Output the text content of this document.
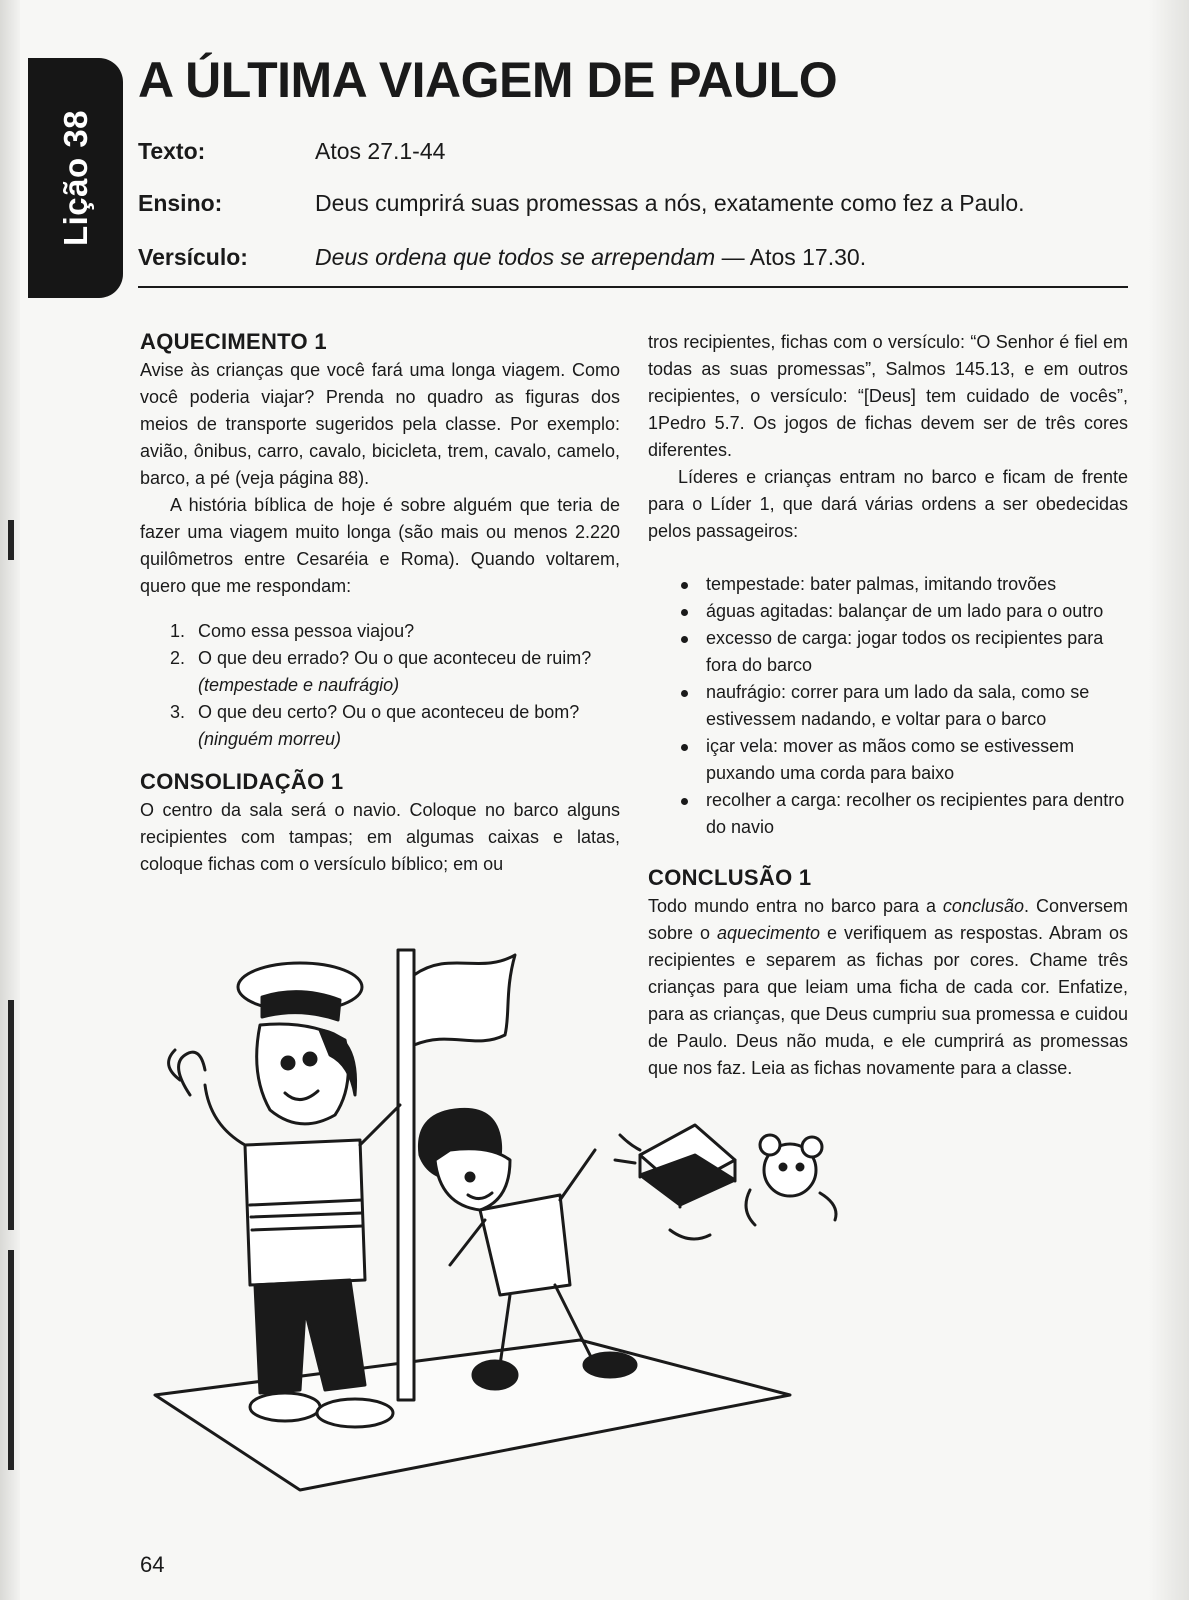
Lição 38
A ÚLTIMA VIAGEM DE PAULO
Texto:	Atos 27.1-44
Ensino:	Deus cumprirá suas promessas a nós, exatamente como fez a Paulo.
Versículo:	Deus ordena que todos se arrependam — Atos 17.30.
AQUECIMENTO 1

Avise às crianças que você fará uma longa viagem. Como você poderia viajar? Prenda no quadro as figuras dos meios de transporte sugeridos pela classe. Por exemplo: avião, ônibus, carro, cavalo, bicicleta, trem, cavalo, camelo, barco, a pé (veja página 88).

A história bíblica de hoje é sobre alguém que teria de fazer uma viagem muito longa (são mais ou menos 2.220 quilômetros entre Cesaréia e Roma). Quando voltarem, quero que me respondam:

1. Como essa pessoa viajou?
2. O que deu errado? Ou o que aconteceu de ruim?
(tempestade e naufrágio)
3. O que deu certo? Ou o que aconteceu de bom?
(ninguém morreu)
CONSOLIDAÇÃO 1

O centro da sala será o navio. Coloque no barco alguns recipientes com tampas; em algumas caixas e latas, coloque fichas com o versículo bíblico; em ou

tros recipientes, fichas com o versículo: “O Senhor é fiel em todas as suas promessas”, Salmos 145.13, e em outros recipientes, o versículo: “[Deus] tem cuidado de vocês”, 1Pedro 5.7. Os jogos de fichas devem ser de três cores diferentes.

Líderes e crianças entram no barco e ficam de frente para o Líder 1, que dará várias ordens a ser obedecidas pelos passageiros:

tempestade: bater palmas, imitando trovões
águas agitadas: balançar de um lado para o outro
excesso de carga: jogar todos os recipientes para fora do barco
naufrágio: correr para um lado da sala, como se estivessem nadando, e voltar para o barco
içar vela: mover as mãos como se estivessem puxando uma corda para baixo
recolher a carga: recolher os recipientes para dentro do navio
CONCLUSÃO 1

Todo mundo entra no barco para a conclusão. Conversem sobre o aquecimento e verifiquem as respostas. Abram os recipientes e separem as fichas por cores. Chame três crianças para que leiam uma ficha de cada cor. Enfatize, para as crianças, que Deus cumpriu sua promessa e cuidou de Paulo. Deus não muda, e ele cumprirá as promessas que nos faz. Leia as fichas novamente para a classe.

64
